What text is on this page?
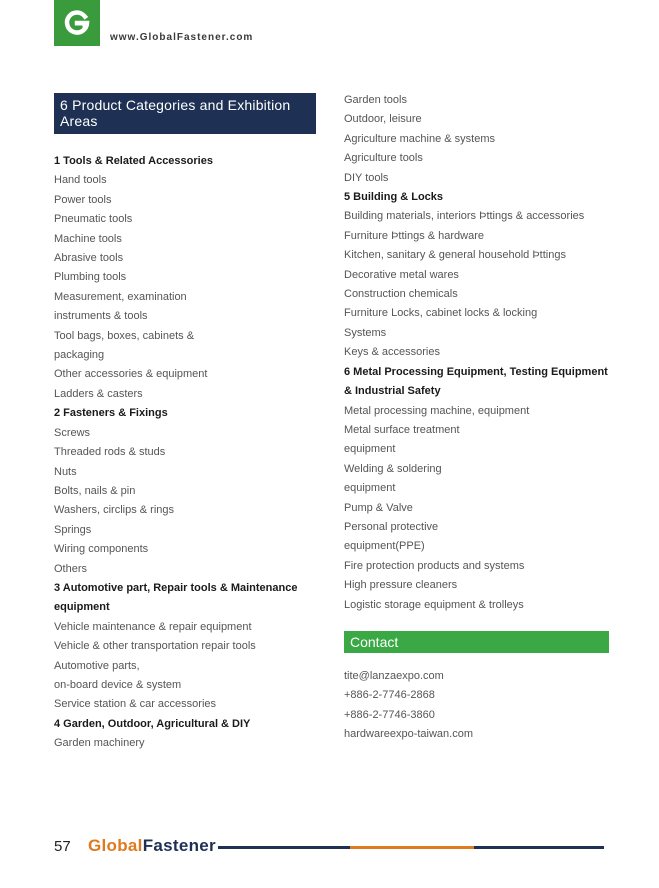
www.GlobalFastener.com
6 Product Categories and Exhibition Areas
1 Tools & Related Accessories
Hand tools
Power tools
Pneumatic tools
Machine tools
Abrasive tools
Plumbing tools
Measurement, examination
instruments & tools
Tool bags, boxes, cabinets &
packaging
Other accessories & equipment
Ladders & casters
2 Fasteners & Fixings
Screws
Threaded rods & studs
Nuts
Bolts, nails & pin
Washers, circlips & rings
Springs
Wiring components
Others
3 Automotive part, Repair tools & Maintenance
equipment
Vehicle maintenance & repair equipment
Vehicle & other transportation repair tools
Automotive parts,
on-board device & system
Service station & car accessories
4 Garden, Outdoor, Agricultural & DIY
Garden machinery
Garden tools
Outdoor, leisure
Agriculture machine & systems
Agriculture tools
DIY tools
5 Building & Locks
Building materials, interiors Þttings & accessories
Furniture Þttings & hardware
Kitchen, sanitary & general household Þttings
Decorative metal wares
Construction chemicals
Furniture Locks, cabinet locks & locking
Systems
Keys & accessories
6 Metal Processing Equipment, Testing Equipment
& Industrial Safety
Metal processing machine, equipment
Metal surface treatment
equipment
Welding & soldering
equipment
Pump & Valve
Personal protective
equipment(PPE)
Fire protection products and systems
High pressure cleaners
Logistic storage equipment & trolleys
Contact
tite@lanzaexpo.com
+886-2-7746-2868
+886-2-7746-3860
hardwareexpo-taiwan.com
57 GlobalFastener
